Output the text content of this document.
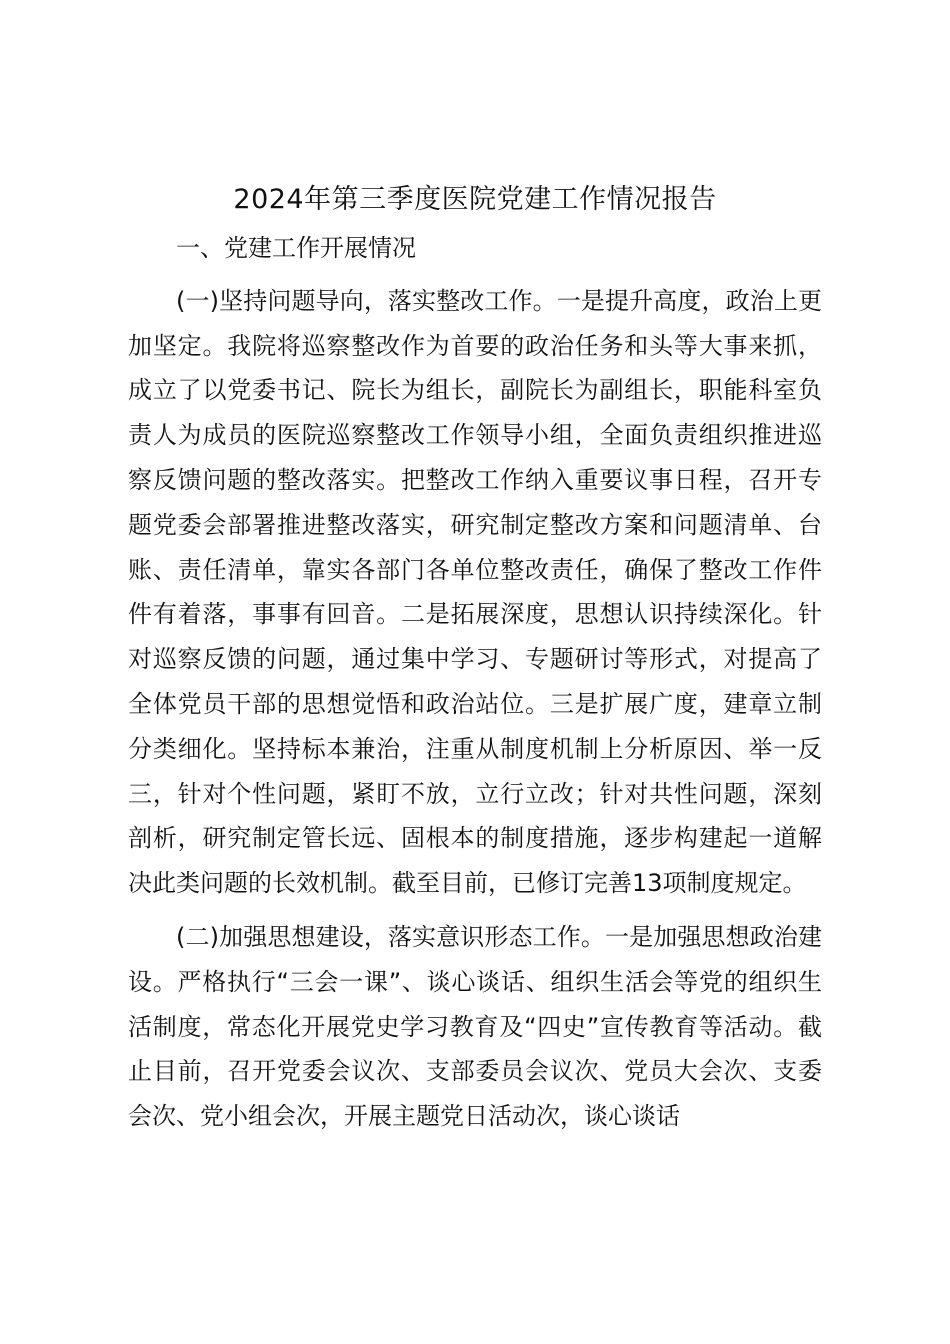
2024年第三季度医院党建工作情况报告

一、党建工作开展情况

(一)坚持问题导向，落实整改工作。一是提升高度，政治上更加坚定。我院将巡察整改作为首要的政治任务和头等大事来抓，成立了以党委书记、院长为组长，副院长为副组长，职能科室负责人为成员的医院巡察整改工作领导小组，全面负责组织推进巡察反馈问题的整改落实。把整改工作纳入重要议事日程，召开专题党委会部署推进整改落实，研究制定整改方案和问题清单、台账、责任清单，靠实各部门各单位整改责任，确保了整改工作件件有着落，事事有回音。二是拓展深度，思想认识持续深化。针对巡察反馈的问题，通过集中学习、专题研讨等形式，对提高了全体党员干部的思想觉悟和政治站位。三是扩展广度，建章立制分类细化。坚持标本兼治，注重从制度机制上分析原因、举一反三，针对个性问题，紧盯不放，立行立改；针对共性问题，深刻剖析，研究制定管长远、固根本的制度措施，逐步构建起一道解决此类问题的长效机制。截至目前，已修订完善13项制度规定。

(二)加强思想建设，落实意识形态工作。一是加强思想政治建设。严格执行“三会一课”、谈心谈话、组织生活会等党的组织生活制度，常态化开展党史学习教育及“四史”宣传教育等活动。截止目前，召开党委会议次、支部委员会议次、党员大会次、支委会次、党小组会次，开展主题党日活动次，谈心谈话
